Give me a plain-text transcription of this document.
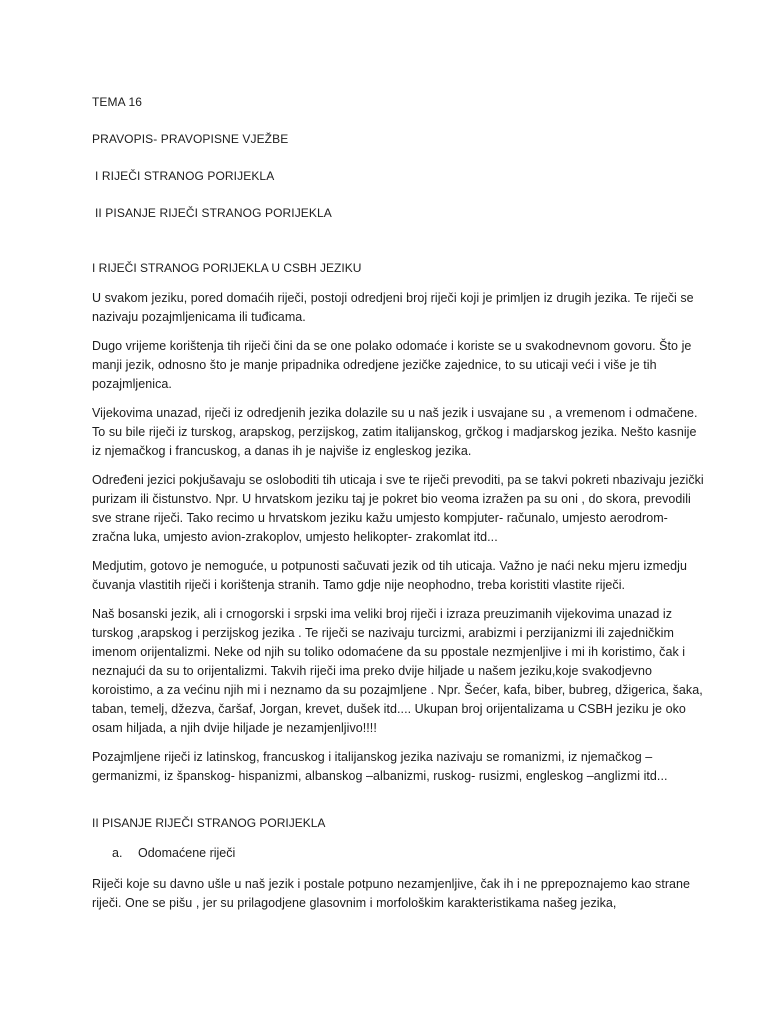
TEMA 16

PRAVOPIS- PRAVOPISNE VJEŽBE

I RIJEČI STRANOG PORIJEKLA

II PISANJE RIJEČI STRANOG PORIJEKLA

I RIJEČI STRANOG PORIJEKLA U CSBH JEZIKU

U svakom jeziku, pored domaćih riječi, postoji odredjeni broj riječi koji je primljen iz drugih jezika. Te riječi se nazivaju pozajmljenicama ili tuđicama.

Dugo vrijeme korištenja tih riječi čini da se one polako odomaće i koriste se u svakodnevnom govoru. Što je manji jezik, odnosno što je manje pripadnika odredjene jezičke zajednice, to su uticaji veći i više je tih pozajmljenica.

Vijekovima unazad, riječi iz odredjenih jezika dolazile su u naš jezik i usvajane su , a vremenom i odmačene. To su bile riječi iz turskog, arapskog, perzijskog, zatim italijanskog, grčkog i madjarskog jezika. Nešto kasnije iz njemačkog i francuskog, a danas ih je najviše iz engleskog jezika.

Određeni jezici pokjušavaju se osloboditi tih uticaja i sve te riječi prevoditi, pa se takvi pokreti nbazivaju jezički purizam ili čistunstvo. Npr. U hrvatskom jeziku taj je pokret bio veoma izražen pa su oni , do skora, prevodili sve strane riječi. Tako recimo u hrvatskom jeziku kažu umjesto kompjuter- računalo, umjesto aerodrom- zračna luka, umjesto avion-zrakoplov, umjesto helikopter- zrakomlat itd...

Medjutim, gotovo je nemoguće, u potpunosti sačuvati jezik od tih uticaja. Važno je naći neku mjeru izmedju čuvanja vlastitih riječi i korištenja stranih. Tamo gdje nije neophodno, treba koristiti vlastite riječi.

Naš bosanski jezik, ali i crnogorski i srpski ima veliki broj riječi i izraza preuzimanih vijekovima unazad iz turskog ,arapskog i perzijskog jezika . Te riječi se nazivaju turcizmi, arabizmi i perzijanizmi ili zajedničkim imenom orijentalizmi. Neke od njih su toliko odomaćene da su ppostale nezmjenljive i mi ih koristimo, čak i neznajući da su to orijentalizmi. Takvih riječi ima preko dvije hiljade u našem jeziku,koje svakodjevno koroistimo, a za većinu njih mi i neznamo da su pozajmljene . Npr. Šećer, kafa, biber, bubreg, džigerica, šaka, taban, temelj, džezva, čaršaf, Jorgan, krevet, dušek itd.... Ukupan broj orijentalizama u CSBH jeziku je oko osam hiljada, a njih dvije hiljade je nezamjenljivo!!!!

Pozajmljene riječi iz latinskog, francuskog i italijanskog jezika nazivaju se romanizmi, iz njemačkog – germanizmi, iz španskog- hispanizmi, albanskog –albanizmi, ruskog- rusizmi, engleskog –anglizmi itd...

II PISANJE RIJEČI STRANOG PORIJEKLA

a. Odomaćene riječi

Riječi koje su davno ušle u naš jezik i postale potpuno nezamjenljive, čak ih i ne pprepoznajemo kao strane riječi. One se pišu , jer su prilagodjene glasovnim i morfološkim karakteristikama našeg jezika,
